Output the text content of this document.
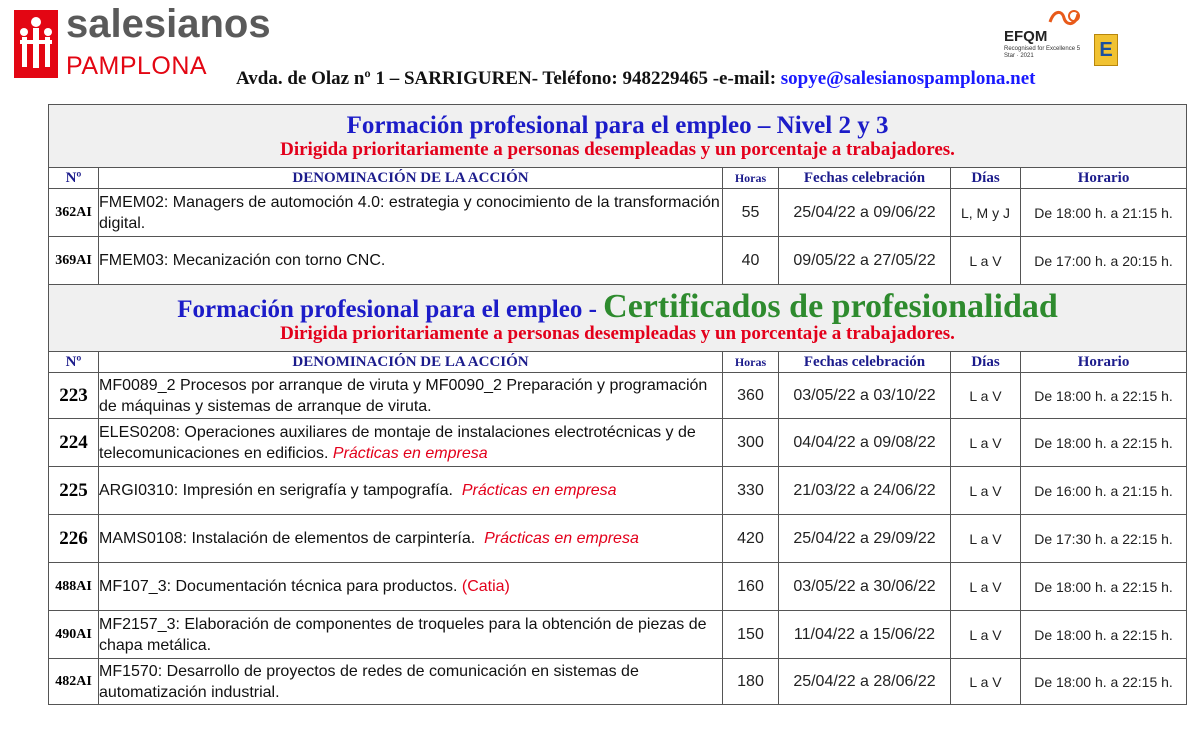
salesianos
PAMPLONA
EFQM
Recognised for Excellence 5 Star · 2021	E
Avda. de Olaz nº 1 – SARRIGUREN- Teléfono: 948229465 -e-mail: sopye@salesianospamplona.net
Formación profesional para el empleo – Nivel 2 y 3
Dirigida prioritariamente a personas desempleadas y un porcentaje a trabajadores.					

Nº	DENOMINACIÓN DE LA ACCIÓN	Horas	Fechas celebración	Días	Horario
362AI	FMEM02: Managers de automoción 4.0: estrategia y conocimiento de la transformación digital.	55	25/04/22 a 09/06/22	L, M y J	De 18:00 h. a 21:15 h.
369AI	FMEM03: Mecanización con torno CNC.	40	09/05/22 a 27/05/22	L a V	De 17:00 h. a 20:15 h.

Formación profesional para el empleo - Certificados de profesionalidad
Dirigida prioritariamente a personas desempleadas y un porcentaje a trabajadores.					

Nº	DENOMINACIÓN DE LA ACCIÓN	Horas	Fechas celebración	Días	Horario
223	MF0089_2 Procesos por arranque de viruta y MF0090_2 Preparación y programación de máquinas y sistemas de arranque de viruta.	360	03/05/22 a 03/10/22	L a V	De 18:00 h. a 22:15 h.
224	ELES0208: Operaciones auxiliares de montaje de instalaciones electrotécnicas y de telecomunicaciones en edificios. Prácticas en empresa	300	04/04/22 a 09/08/22	L a V	De 18:00 h. a 22:15 h.
225	ARGI0310: Impresión en serigrafía y tampografía.  Prácticas en empresa	330	21/03/22 a 24/06/22	L a V	De 16:00 h. a 21:15 h.
226	MAMS0108: Instalación de elementos de carpintería.  Prácticas en empresa	420	25/04/22 a 29/09/22	L a V	De 17:30 h. a 22:15 h.
488AI	MF107_3: Documentación técnica para productos. (Catia)	160	03/05/22 a 30/06/22	L a V	De 18:00 h. a 22:15 h.
490AI	MF2157_3: Elaboración de componentes de troqueles para la obtención de piezas de chapa metálica.	150	11/04/22 a 15/06/22	L a V	De 18:00 h. a 22:15 h.
482AI	MF1570: Desarrollo de proyectos de redes de comunicación en sistemas de automatización industrial.	180	25/04/22 a 28/06/22	L a V	De 18:00 h. a 22:15 h.
